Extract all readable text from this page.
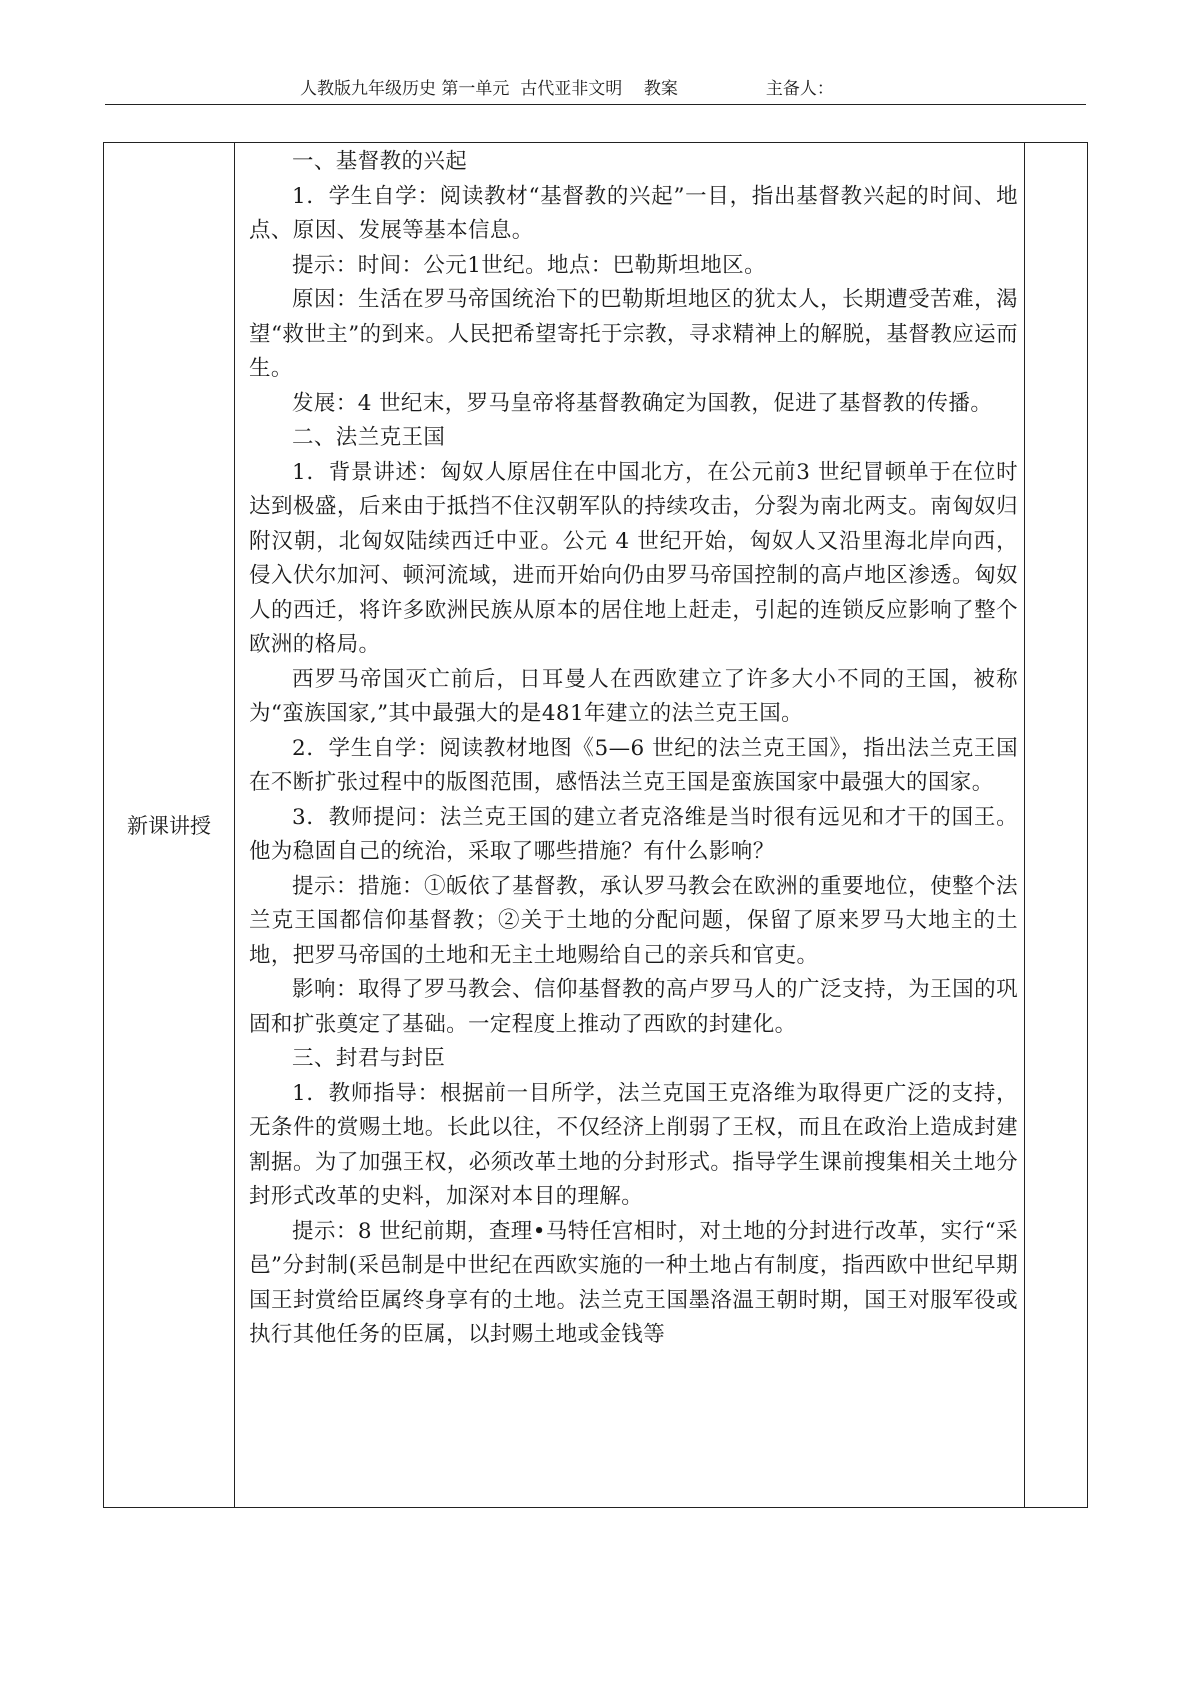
人教版九年级历史 第一单元  古代亚非文明    教案	主备人：
新课讲授	

一、基督教的兴起

1．学生自学：阅读教材“基督教的兴起”一目，指出基督教兴起的时间、地点、原因、发展等基本信息。

提示：时间：公元1世纪。地点：巴勒斯坦地区。

原因：生活在罗马帝国统治下的巴勒斯坦地区的犹太人，长期遭受苦难，渴望“救世主”的到来。人民把希望寄托于宗教，寻求精神上的解脱，基督教应运而生。

发展：4 世纪末，罗马皇帝将基督教确定为国教，促进了基督教的传播。

二、法兰克王国

1．背景讲述：匈奴人原居住在中国北方，在公元前3 世纪冒顿单于在位时达到极盛，后来由于抵挡不住汉朝军队的持续攻击，分裂为南北两支。南匈奴归附汉朝，北匈奴陆续西迁中亚。公元 4 世纪开始，匈奴人又沿里海北岸向西，侵入伏尔加河、顿河流域，进而开始向仍由罗马帝国控制的高卢地区渗透。匈奴人的西迁，将许多欧洲民族从原本的居住地上赶走，引起的连锁反应影响了整个欧洲的格局。

西罗马帝国灭亡前后，日耳曼人在西欧建立了许多大小不同的王国，被称为“蛮族国家,”其中最强大的是481年建立的法兰克王国。

2．学生自学：阅读教材地图《5—6 世纪的法兰克王国》，指出法兰克王国在不断扩张过程中的版图范围，感悟法兰克王国是蛮族国家中最强大的国家。

3．教师提问：法兰克王国的建立者克洛维是当时很有远见和才干的国王。他为稳固自己的统治，采取了哪些措施？有什么影响？

提示：措施：①皈依了基督教，承认罗马教会在欧洲的重要地位，使整个法兰克王国都信仰基督教；②关于土地的分配问题，保留了原来罗马大地主的土地，把罗马帝国的土地和无主土地赐给自己的亲兵和官吏。

影响：取得了罗马教会、信仰基督教的高卢罗马人的广泛支持，为王国的巩固和扩张奠定了基础。一定程度上推动了西欧的封建化。

三、封君与封臣

1．教师指导：根据前一目所学，法兰克国王克洛维为取得更广泛的支持，无条件的赏赐土地。长此以往，不仅经济上削弱了王权，而且在政治上造成封建割据。为了加强王权，必须改革土地的分封形式。指导学生课前搜集相关土地分封形式改革的史料，加深对本目的理解。

提示：8 世纪前期，查理•马特任宫相时，对土地的分封进行改革，实行“采邑”分封制(采邑制是中世纪在西欧实施的一种土地占有制度，指西欧中世纪早期国王封赏给臣属终身享有的土地。法兰克王国墨洛温王朝时期，国王对服军役或执行其他任务的臣属，以封赐土地或金钱等
